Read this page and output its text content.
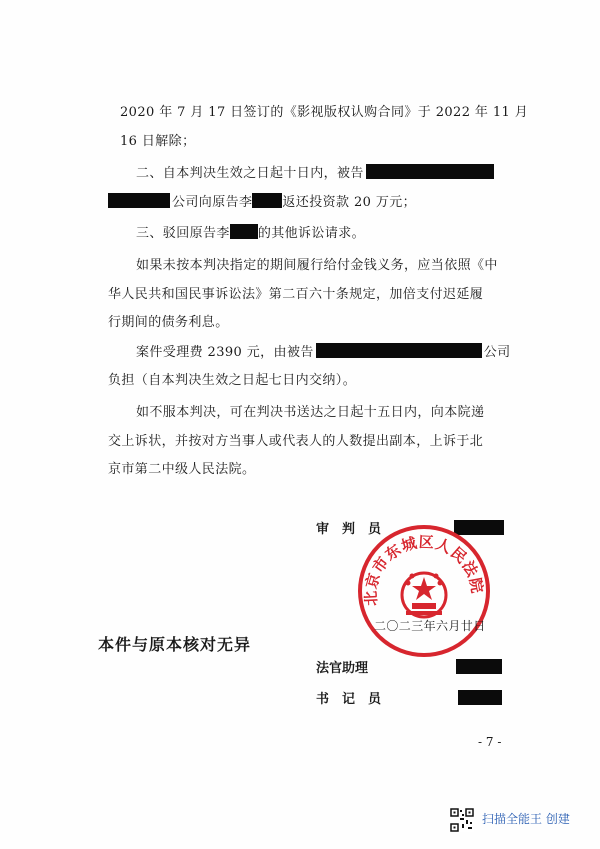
2020 年 7 月 17 日签订的《影视版权认购合同》于 2022 年 11 月
16 日解除；
二、自本判决生效之日起十日内，被告
公司向原告李 返还投资款 20 万元；
三、驳回原告李 的其他诉讼请求。
如果未按本判决指定的期间履行给付金钱义务，应当依照《中
华人民共和国民事诉讼法》第二百六十条规定，加倍支付迟延履
行期间的债务利息。
案件受理费 2390 元，由被告	公司
负担（自本判决生效之日起七日内交纳）。
如不服本判决，可在判决书送达之日起十五日内，向本院递
交上诉状，并按对方当事人或代表人的人数提出副本，上诉于北
京市第二中级人民法院。
审　判　员
北京市东城区人民法院
二〇二三年六月廿日
本件与原本核对无异
法官助理
书　记　员
- 7 -
扫描全能王 创建
